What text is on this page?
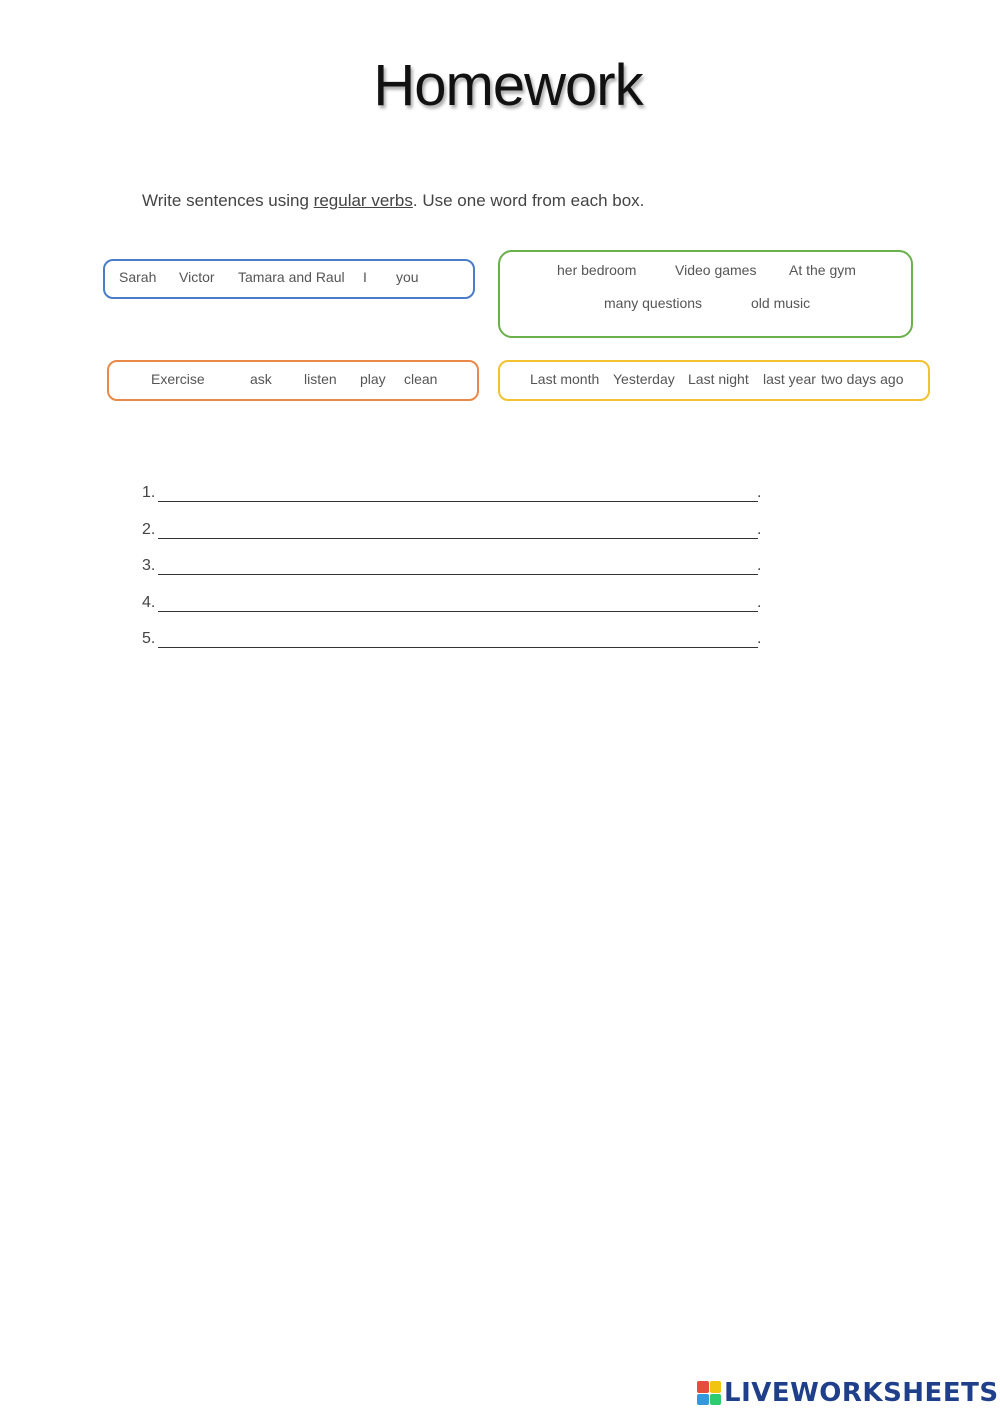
Homework
Write sentences using regular verbs. Use one word from each box.
Sarah Victor Tamara and Raul I you	her bedroom	Video games At the gym
many questions	old music
Exercise	ask listen play clean	Last month Yesterday Last night last year two days ago
1.	.
2.	.
3.	.
4.	.
5.	.
LIVEWORKSHEETS
